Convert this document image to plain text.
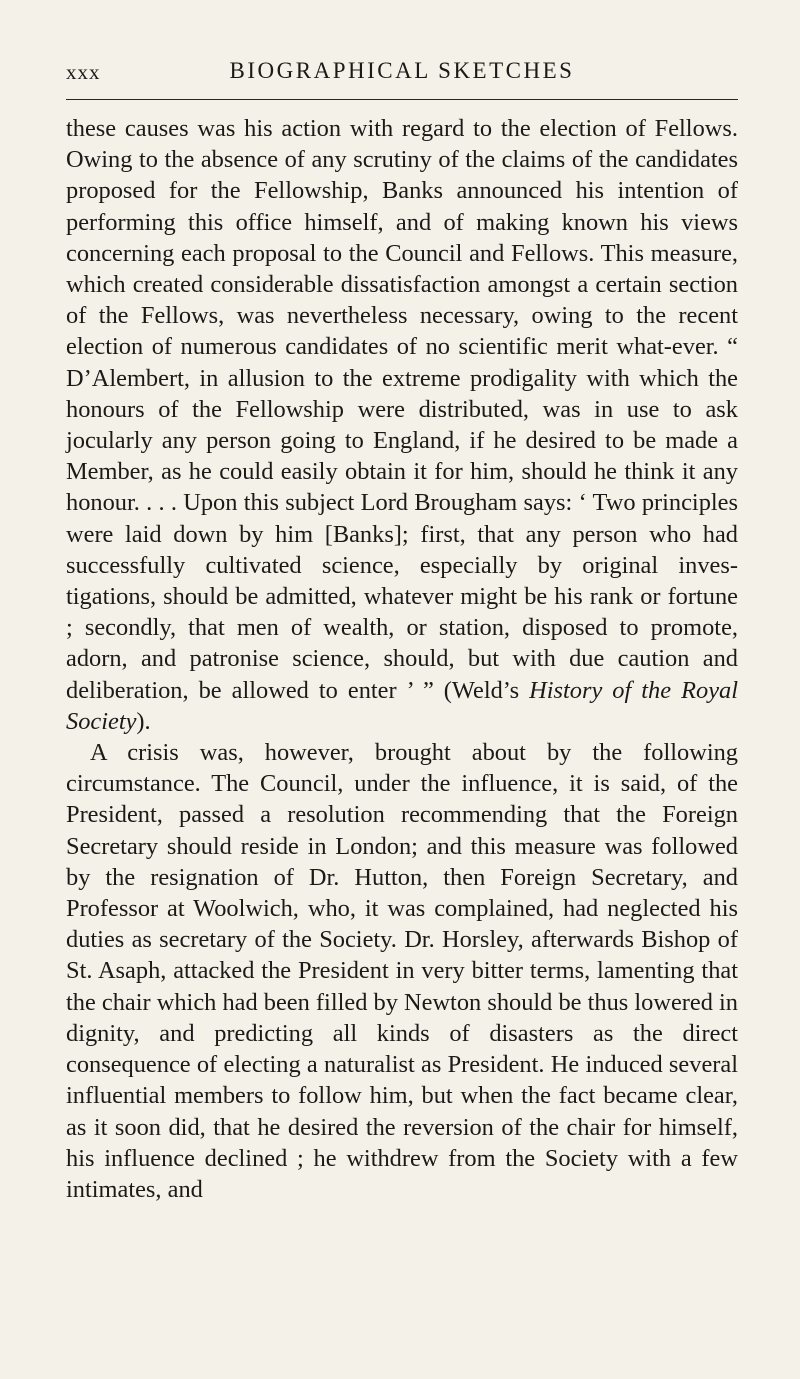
xxx	BIOGRAPHICAL SKETCHES

these causes was his action with regard to the election of Fellows. Owing to the absence of any scrutiny of the claims of the candidates proposed for the Fellowship, Banks announced his intention of performing this office himself, and of making known his views concerning each proposal to the Council and Fellows. This measure, which created considerable dissatisfaction amongst a certain section of the Fellows, was nevertheless necessary, owing to the recent election of numerous candidates of no scientific merit what-ever. “ D’Alembert, in allusion to the extreme prodigality with which the honours of the Fellowship were distributed, was in use to ask jocularly any person going to England, if he desired to be made a Member, as he could easily obtain it for him, should he think it any honour. . . . Upon this subject Lord Brougham says: ‘ Two principles were laid down by him [Banks]; first, that any person who had successfully cultivated science, especially by original inves-tigations, should be admitted, whatever might be his rank or fortune ; secondly, that men of wealth, or station, disposed to promote, adorn, and patronise science, should, but with due caution and deliberation, be allowed to enter ’ ” (Weld’s History of the Royal Society).

A crisis was, however, brought about by the following circumstance. The Council, under the influence, it is said, of the President, passed a resolution recommending that the Foreign Secretary should reside in London; and this measure was followed by the resignation of Dr. Hutton, then Foreign Secretary, and Professor at Woolwich, who, it was complained, had neglected his duties as secretary of the Society. Dr. Horsley, afterwards Bishop of St. Asaph, attacked the President in very bitter terms, lamenting that the chair which had been filled by Newton should be thus lowered in dignity, and predicting all kinds of disasters as the direct consequence of electing a naturalist as President. He induced several influential members to follow him, but when the fact became clear, as it soon did, that he desired the reversion of the chair for himself, his influence declined ; he withdrew from the Society with a few intimates, and
